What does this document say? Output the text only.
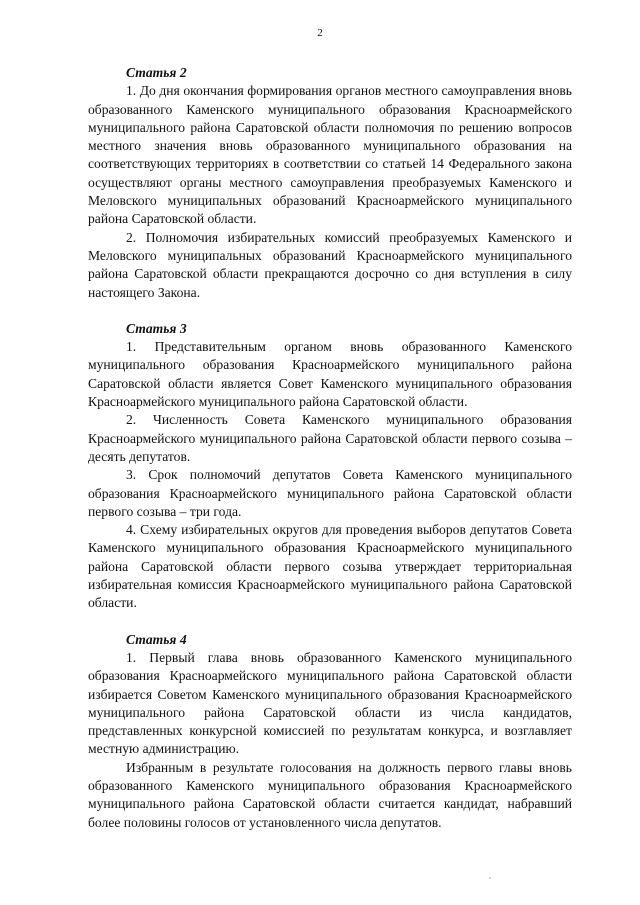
2

Статья 2

1. До дня окончания формирования органов местного самоуправления вновь образованного Каменского муниципального образования Красноармейского муниципального района Саратовской области полномочия по решению вопросов местного значения вновь образованного муниципального образования на соответствующих территориях в соответствии со статьей 14 Федерального закона осуществляют органы местного самоуправления преобразуемых Каменского и Меловского муниципальных образований Красноармейского муниципального района Саратовской области.

2. Полномочия избирательных комиссий преобразуемых Каменского и Меловского муниципальных образований Красноармейского муниципального района Саратовской области прекращаются досрочно со дня вступления в силу настоящего Закона.

Статья 3

1. Представительным органом вновь образованного Каменского муниципального образования Красноармейского муниципального района Саратовской области является Совет Каменского муниципального образования Красноармейского муниципального района Саратовской области.

2. Численность Совета Каменского муниципального образования Красноармейского муниципального района Саратовской области первого созыва – десять депутатов.

3. Срок полномочий депутатов Совета Каменского муниципального образования Красноармейского муниципального района Саратовской области первого созыва – три года.

4. Схему избирательных округов для проведения выборов депутатов Совета Каменского муниципального образования Красноармейского муниципального района Саратовской области первого созыва утверждает территориальная избирательная комиссия Красноармейского муниципального района Саратовской области.

Статья 4

1. Первый глава вновь образованного Каменского муниципального образования Красноармейского муниципального района Саратовской области избирается Советом Каменского муниципального образования Красноармейского муниципального района Саратовской области из числа кандидатов, представленных конкурсной комиссией по результатам конкурса, и возглавляет местную администрацию.

Избранным в результате голосования на должность первого главы вновь образованного Каменского муниципального образования Красноармейского муниципального района Саратовской области считается кандидат, набравший более половины голосов от установленного числа депутатов.
